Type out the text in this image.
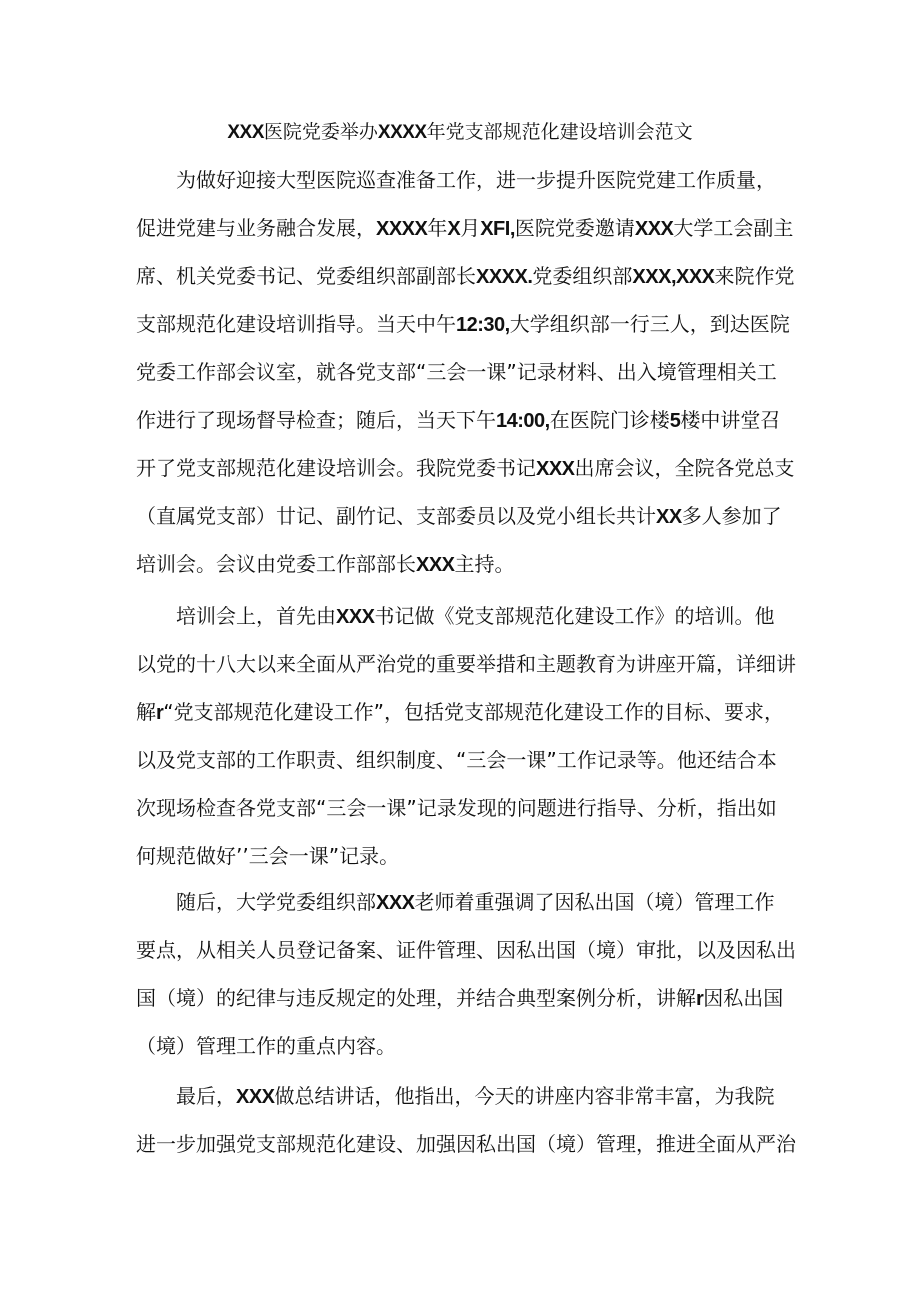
XXX医院党委举办XXXX年党支部规范化建设培训会范文
为做好迎接大型医院巡查准备工作，进一步提升医院党建工作质量，
促进党建与业务融合发展，XXXX年X月XFI,医院党委邀请XXX大学工会副主
席、机关党委书记、党委组织部副部长XXXX.党委组织部XXX,XXX来院作党
支部规范化建设培训指导。当天中午12:30,大学组织部一行三人，到达医院
党委工作部会议室，就各党支部“三会一课”记录材料、出入境管理相关工
作进行了现场督导检查；随后，当天下午14:00,在医院门诊楼5楼中讲堂召
开了党支部规范化建设培训会。我院党委书记XXX出席会议，全院各党总支
（直属党支部）廿记、副竹记、支部委员以及党小组长共计XX多人参加了
培训会。会议由党委工作部部长XXX主持。
培训会上，首先由XXX书记做《党支部规范化建设工作》的培训。他
以党的十八大以来全面从严治党的重要举措和主题教育为讲座开篇，详细讲
解r“党支部规范化建设工作”，包括党支部规范化建设工作的目标、要求，
以及党支部的工作职责、组织制度、“三会一课”工作记录等。他还结合本
次现场检查各党支部“三会一课”记录发现的问题进行指导、分析，指出如
何规范做好’’三会一课”记录。
随后，大学党委组织部XXX老师着重强调了因私出国（境）管理工作
要点，从相关人员登记备案、证件管理、因私出国（境）审批，以及因私出
国（境）的纪律与违反规定的处理，并结合典型案例分析，讲解r因私出国
（境）管理工作的重点内容。
最后，XXX做总结讲话，他指出，今天的讲座内容非常丰富，为我院
进一步加强党支部规范化建设、加强因私出国（境）管理，推进全面从严治
